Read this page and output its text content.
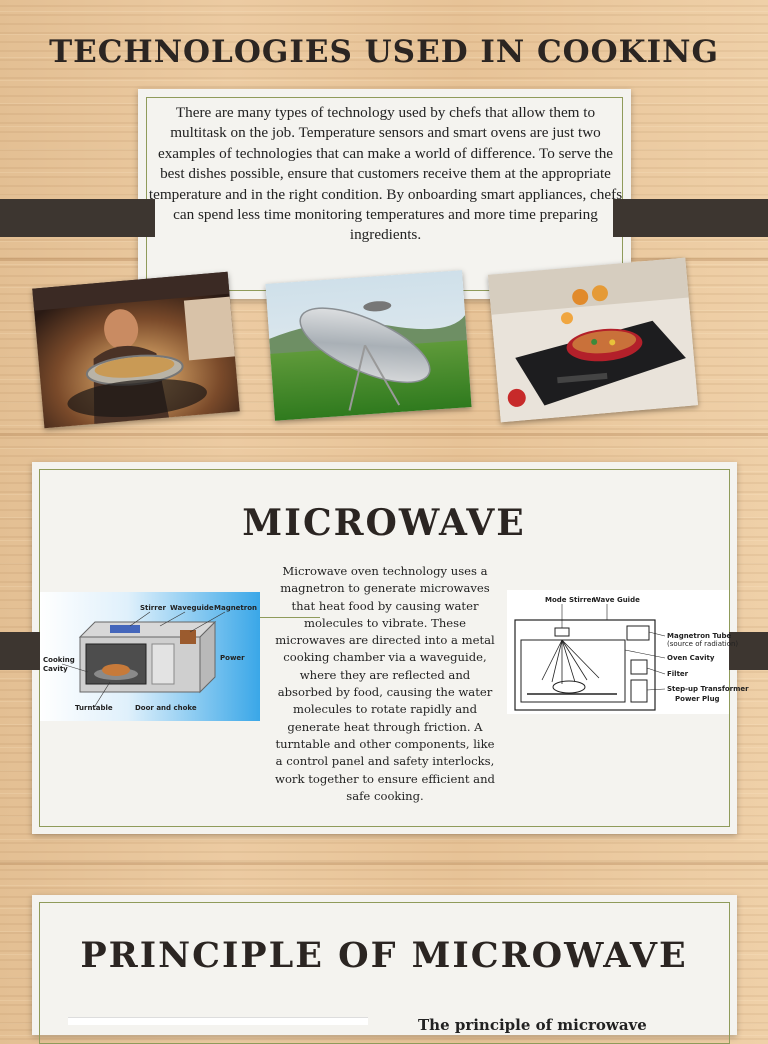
TECHNOLOGIES USED IN COOKING
There are many types of technology used by chefs that allow them to multitask on the job. Temperature sensors and smart ovens are just two examples of technologies that can make a world of difference. To serve the best dishes possible, ensure that customers receive them at the appropriate temperature and in the right condition. By onboarding smart appliances, chefs can spend less time monitoring temperatures and more time preparing ingredients.
MICROWAVE
Stirrer Waveguide Magnetron
Cooking
Cavity
Power
Turntable	Door and choke
Microwave oven technology uses a magnetron to generate microwaves that heat food by causing water molecules to vibrate. These microwaves are directed into a metal cooking chamber via a waveguide, where they are reflected and absorbed by food, causing the water molecules to rotate rapidly and generate heat through friction. A turntable and other components, like a control panel and safety interlocks, work together to ensure efficient and safe cooking.
Mode Stirrer
Wave Guide
Magnetron Tube
(source of radiation)
Oven Cavity
Filter
Step-up Transformer
Power Plug
PRINCIPLE OF MICROWAVE
